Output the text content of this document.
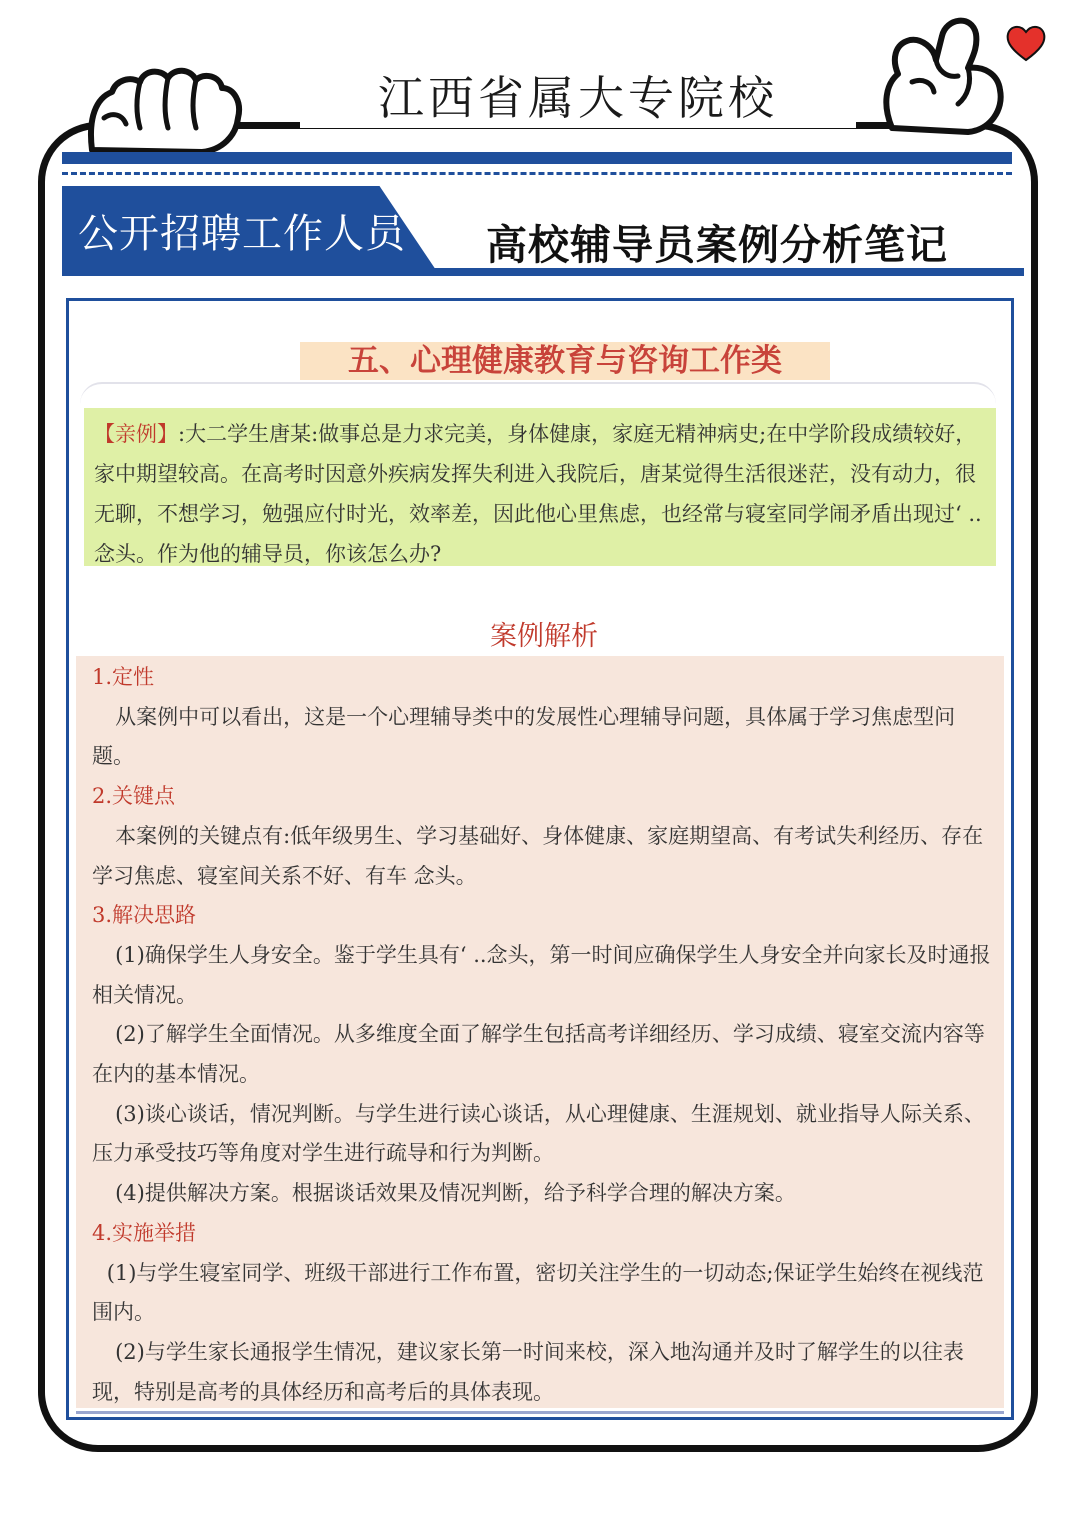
江西省属大专院校
公开招聘工作人员 高校辅导员案例分析笔记
五、心理健康教育与咨询工作类
【亲例】:大二学生唐某:做事总是力求完美，身体健康，家庭无精神病史;在中学阶段成绩较好，家中期望较高。在高考时因意外疾病发挥失利进入我院后，唐某觉得生活很迷茫，没有动力，很无聊，不想学习，勉强应付时光，效率差，因此他心里焦虑，也经常与寝室同学闹矛盾出现过‘ ..念头。作为他的辅导员，你该怎么办?
案例解析
1.定性
从案例中可以看出，这是一个心理辅导类中的发展性心理辅导问题，具体属于学习焦虑型问题。
2.关键点
本案例的关键点有:低年级男生、学习基础好、身体健康、家庭期望高、有考试失利经历、存在学习焦虑、寝室间关系不好、有车 念头。
3.解决思路
(1)确保学生人身安全。鉴于学生具有‘ ..念头，第一时间应确保学生人身安全并向家长及时通报相关情况。
(2)了解学生全面情况。从多维度全面了解学生包括高考详细经历、学习成绩、寝室交流内容等在内的基本情况。
(3)谈心谈话，情况判断。与学生进行读心谈话，从心理健康、生涯规划、就业指导人际关系、压力承受技巧等角度对学生进行疏导和行为判断。
(4)提供解决方案。根据谈话效果及情况判断，给予科学合理的解决方案。
4.实施举措
(1)与学生寝室同学、班级干部进行工作布置，密切关注学生的一切动态;保证学生始终在视线范围内。
(2)与学生家长通报学生情况，建议家长第一时间来校，深入地沟通并及时了解学生的以往表现，特别是高考的具体经历和高考后的具体表现。
